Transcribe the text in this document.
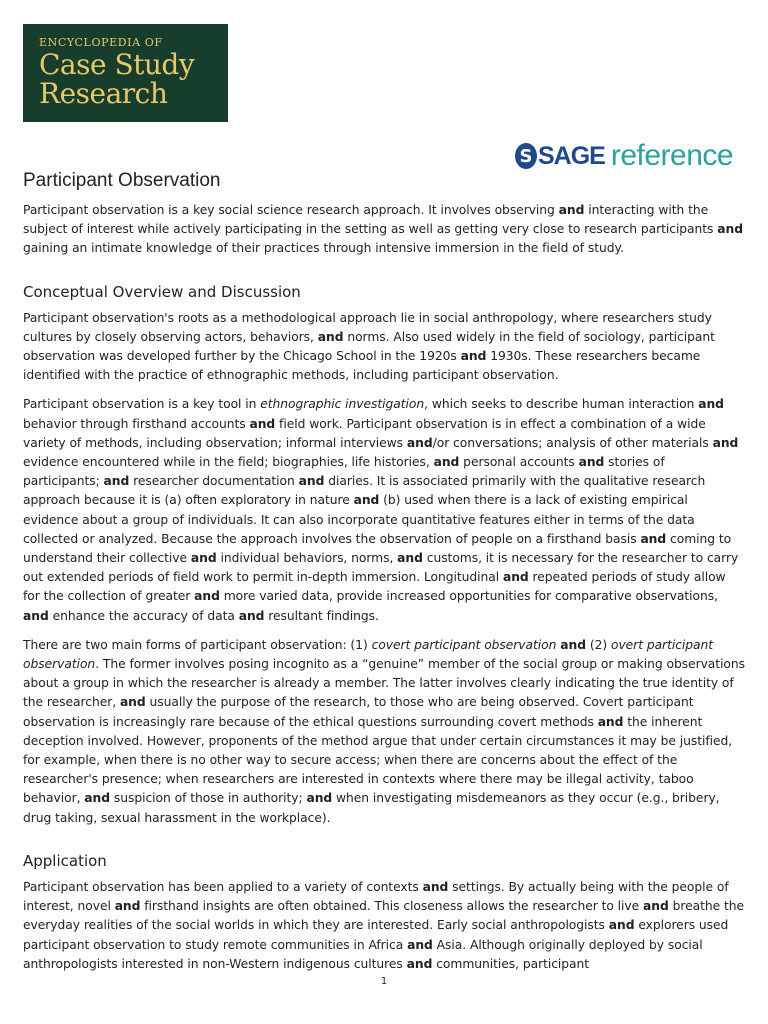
ENCYCLOPEDIA OF
Case Study
Research
S SAGE reference
Participant Observation

Participant observation is a key social science research approach. It involves observing and interacting with the subject of interest while actively participating in the setting as well as getting very close to research participants and gaining an intimate knowledge of their practices through intensive immersion in the field of study.

Conceptual Overview and Discussion

Participant observation's roots as a methodological approach lie in social anthropology, where researchers study cultures by closely observing actors, behaviors, and norms. Also used widely in the field of sociology, participant observation was developed further by the Chicago School in the 1920s and 1930s. These researchers became identified with the practice of ethnographic methods, including participant observation.

Participant observation is a key tool in ethnographic investigation, which seeks to describe human interaction and behavior through firsthand accounts and field work. Participant observation is in effect a combination of a wide variety of methods, including observation; informal interviews and/or conversations; analysis of other materials and evidence encountered while in the field; biographies, life histories, and personal accounts and stories of participants; and researcher documentation and diaries. It is associated primarily with the qualitative research approach because it is (a) often exploratory in nature and (b) used when there is a lack of existing empirical evidence about a group of individuals. It can also incorporate quantitative features either in terms of the data collected or analyzed. Because the approach involves the observation of people on a firsthand basis and coming to understand their collective and individual behaviors, norms, and customs, it is necessary for the researcher to carry out extended periods of field work to permit in-depth immersion. Longitudinal and repeated periods of study allow for the collection of greater and more varied data, provide increased opportunities for comparative observations, and enhance the accuracy of data and resultant findings.

There are two main forms of participant observation: (1) covert participant observation and (2) overt participant observation. The former involves posing incognito as a “genuine” member of the social group or making observations about a group in which the researcher is already a member. The latter involves clearly indicating the true identity of the researcher, and usually the purpose of the research, to those who are being observed. Covert participant observation is increasingly rare because of the ethical questions surrounding covert methods and the inherent deception involved. However, proponents of the method argue that under certain circumstances it may be justified, for example, when there is no other way to secure access; when there are concerns about the effect of the researcher's presence; when researchers are interested in contexts where there may be illegal activity, taboo behavior, and suspicion of those in authority; and when investigating misdemeanors as they occur (e.g., bribery, drug taking, sexual harassment in the workplace).

Application

Participant observation has been applied to a variety of contexts and settings. By actually being with the people of interest, novel and firsthand insights are often obtained. This closeness allows the researcher to live and breathe the everyday realities of the social worlds in which they are interested. Early social anthropologists and explorers used participant observation to study remote communities in Africa and Asia. Although originally deployed by social anthropologists interested in non-Western indigenous cultures and communities, participant

1
